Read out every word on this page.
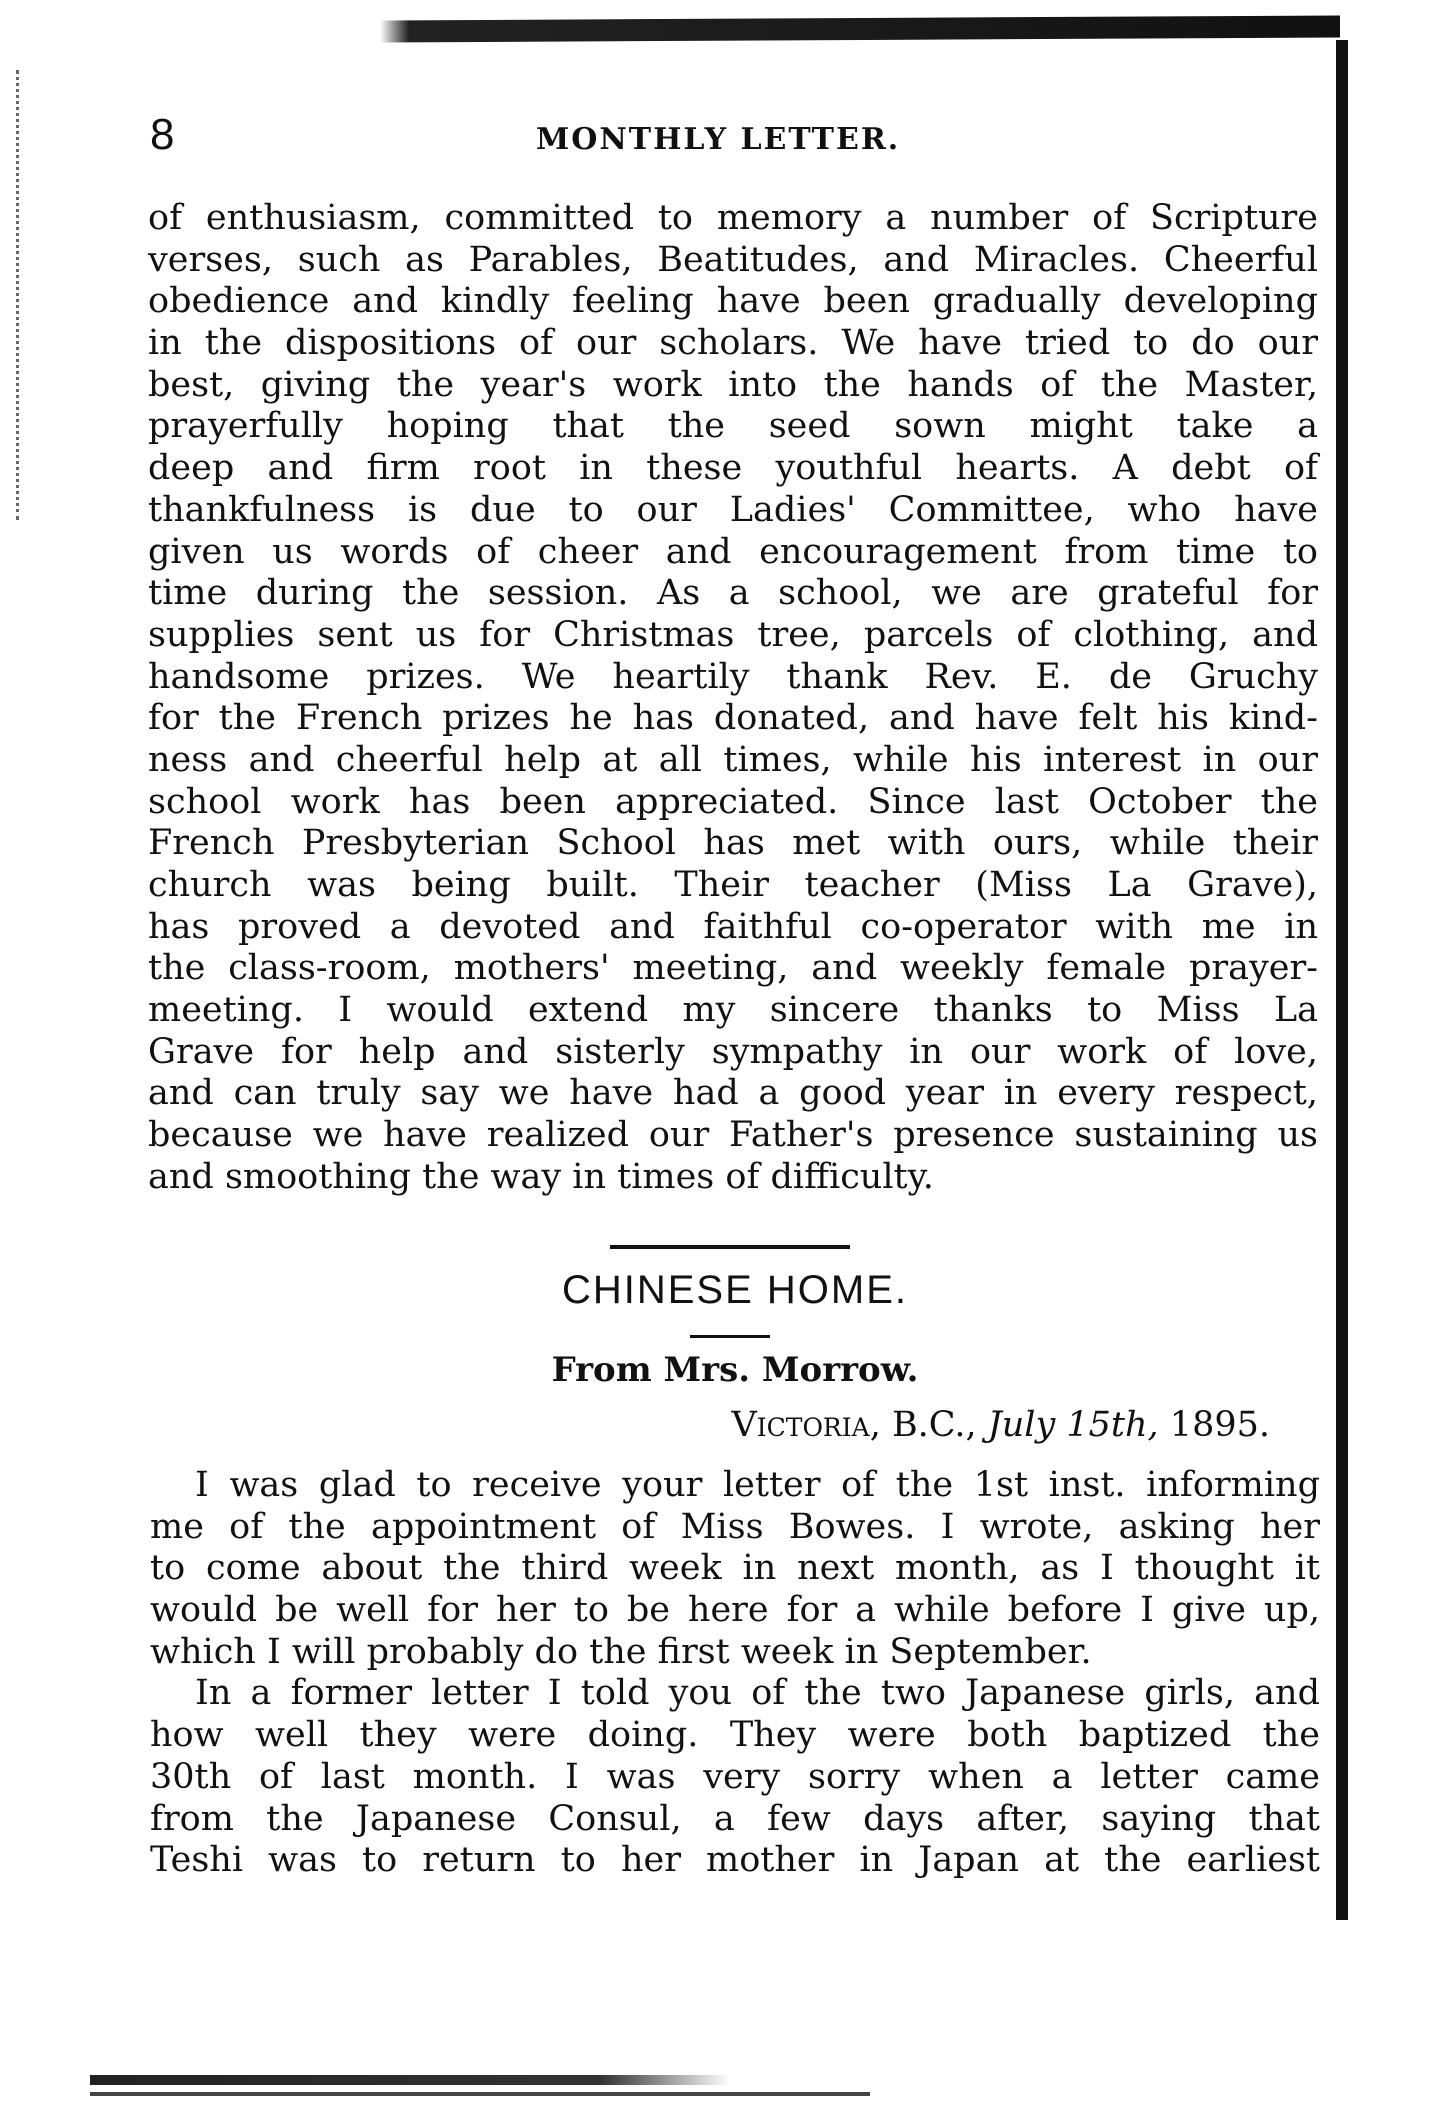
8	MONTHLY LETTER.
of enthusiasm, committed to memory a number of Scripture
verses, such as Parables, Beatitudes, and Miracles. Cheerful
obedience and kindly feeling have been gradually developing
in the dispositions of our scholars. We have tried to do our
best, giving the year's work into the hands of the Master,
prayerfully hoping that the seed sown might take a
deep and firm root in these youthful hearts. A debt of
thankfulness is due to our Ladies' Committee, who have
given us words of cheer and encouragement from time to
time during the session. As a school, we are grateful for
supplies sent us for Christmas tree, parcels of clothing, and
handsome prizes. We heartily thank Rev. E. de Gruchy
for the French prizes he has donated, and have felt his kind-
ness and cheerful help at all times, while his interest in our
school work has been appreciated. Since last October the
French Presbyterian School has met with ours, while their
church was being built. Their teacher (Miss La Grave),
has proved a devoted and faithful co-operator with me in
the class-room, mothers' meeting, and weekly female prayer-
meeting. I would extend my sincere thanks to Miss La
Grave for help and sisterly sympathy in our work of love,
and can truly say we have had a good year in every respect,
because we have realized our Father's presence sustaining us
and smoothing the way in times of difficulty.
CHINESE HOME.
From Mrs. Morrow.
Victoria, B.C., July 15th, 1895.
I was glad to receive your letter of the 1st inst. informing
me of the appointment of Miss Bowes. I wrote, asking her
to come about the third week in next month, as I thought it
would be well for her to be here for a while before I give up,
which I will probably do the first week in September.
In a former letter I told you of the two Japanese girls, and
how well they were doing. They were both baptized the
30th of last month. I was very sorry when a letter came
from the Japanese Consul, a few days after, saying that
Teshi was to return to her mother in Japan at the earliest
